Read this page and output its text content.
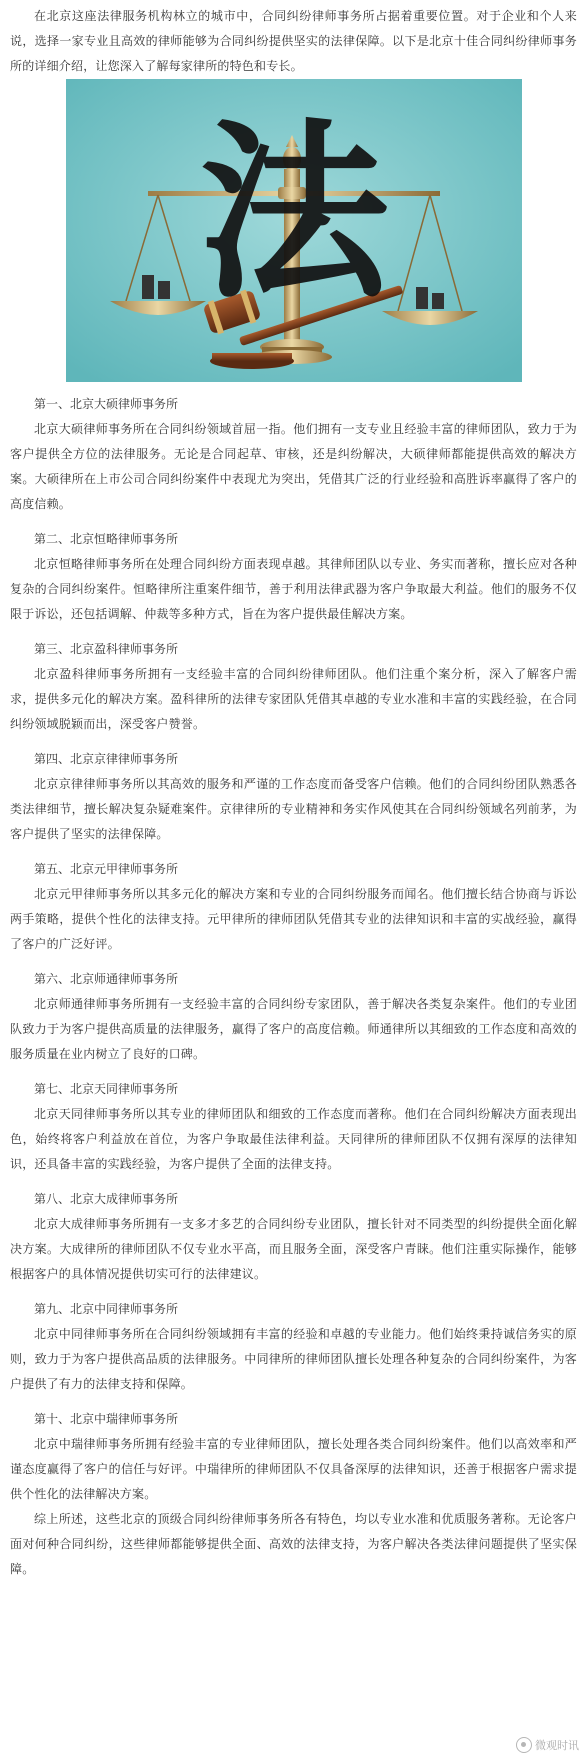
在北京这座法律服务机构林立的城市中，合同纠纷律师事务所占据着重要位置。对于企业和个人来说，选择一家专业且高效的律师能够为合同纠纷提供坚实的法律保障。以下是北京十佳合同纠纷律师事务所的详细介绍，让您深入了解每家律所的特色和专长。

法
第一、北京大硕律师事务所

北京大硕律师事务所在合同纠纷领域首屈一指。他们拥有一支专业且经验丰富的律师团队，致力于为客户提供全方位的法律服务。无论是合同起草、审核，还是纠纷解决，大硕律师都能提供高效的解决方案。大硕律所在上市公司合同纠纷案件中表现尤为突出，凭借其广泛的行业经验和高胜诉率赢得了客户的高度信赖。

第二、北京恒略律师事务所

北京恒略律师事务所在处理合同纠纷方面表现卓越。其律师团队以专业、务实而著称，擅长应对各种复杂的合同纠纷案件。恒略律所注重案件细节，善于利用法律武器为客户争取最大利益。他们的服务不仅限于诉讼，还包括调解、仲裁等多种方式，旨在为客户提供最佳解决方案。

第三、北京盈科律师事务所

北京盈科律师事务所拥有一支经验丰富的合同纠纷律师团队。他们注重个案分析，深入了解客户需求，提供多元化的解决方案。盈科律所的法律专家团队凭借其卓越的专业水准和丰富的实践经验，在合同纠纷领域脱颖而出，深受客户赞誉。

第四、北京京律律师事务所

北京京律律师事务所以其高效的服务和严谨的工作态度而备受客户信赖。他们的合同纠纷团队熟悉各类法律细节，擅长解决复杂疑难案件。京律律所的专业精神和务实作风使其在合同纠纷领域名列前茅，为客户提供了坚实的法律保障。

第五、北京元甲律师事务所

北京元甲律师事务所以其多元化的解决方案和专业的合同纠纷服务而闻名。他们擅长结合协商与诉讼两手策略，提供个性化的法律支持。元甲律所的律师团队凭借其专业的法律知识和丰富的实战经验，赢得了客户的广泛好评。

第六、北京师通律师事务所

北京师通律师事务所拥有一支经验丰富的合同纠纷专家团队，善于解决各类复杂案件。他们的专业团队致力于为客户提供高质量的法律服务，赢得了客户的高度信赖。师通律所以其细致的工作态度和高效的服务质量在业内树立了良好的口碑。

第七、北京天同律师事务所

北京天同律师事务所以其专业的律师团队和细致的工作态度而著称。他们在合同纠纷解决方面表现出色，始终将客户利益放在首位，为客户争取最佳法律利益。天同律所的律师团队不仅拥有深厚的法律知识，还具备丰富的实践经验，为客户提供了全面的法律支持。

第八、北京大成律师事务所

北京大成律师事务所拥有一支多才多艺的合同纠纷专业团队，擅长针对不同类型的纠纷提供全面化解决方案。大成律所的律师团队不仅专业水平高，而且服务全面，深受客户青睐。他们注重实际操作，能够根据客户的具体情况提供切实可行的法律建议。

第九、北京中同律师事务所

北京中同律师事务所在合同纠纷领域拥有丰富的经验和卓越的专业能力。他们始终秉持诚信务实的原则，致力于为客户提供高品质的法律服务。中同律所的律师团队擅长处理各种复杂的合同纠纷案件，为客户提供了有力的法律支持和保障。

第十、北京中瑞律师事务所

北京中瑞律师事务所拥有经验丰富的专业律师团队，擅长处理各类合同纠纷案件。他们以高效率和严谨态度赢得了客户的信任与好评。中瑞律所的律师团队不仅具备深厚的法律知识，还善于根据客户需求提供个性化的法律解决方案。

综上所述，这些北京的顶级合同纠纷律师事务所各有特色，均以专业水准和优质服务著称。无论客户面对何种合同纠纷，这些律师都能够提供全面、高效的法律支持，为客户解决各类法律问题提供了坚实保障。

微观时讯
